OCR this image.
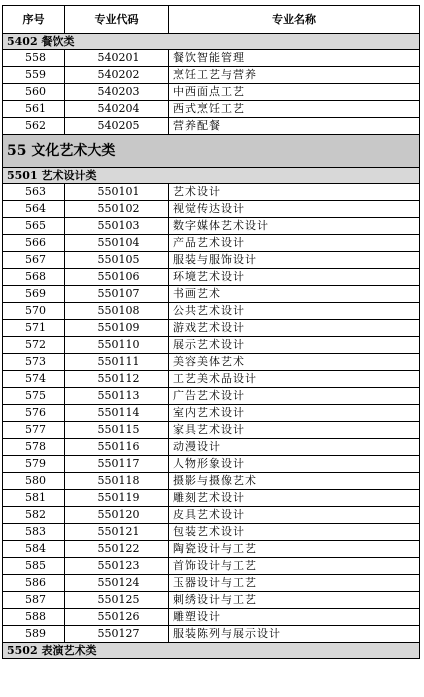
序号	专业代码	专业名称
5402 餐饮类		
558	540201	餐饮智能管理
559	540202	烹饪工艺与营养
560	540203	中西面点工艺
561	540204	西式烹饪工艺
562	540205	营养配餐
55 文化艺术大类		
5501 艺术设计类		
563	550101	艺术设计
564	550102	视觉传达设计
565	550103	数字媒体艺术设计
566	550104	产品艺术设计
567	550105	服装与服饰设计
568	550106	环境艺术设计
569	550107	书画艺术
570	550108	公共艺术设计
571	550109	游戏艺术设计
572	550110	展示艺术设计
573	550111	美容美体艺术
574	550112	工艺美术品设计
575	550113	广告艺术设计
576	550114	室内艺术设计
577	550115	家具艺术设计
578	550116	动漫设计
579	550117	人物形象设计
580	550118	摄影与摄像艺术
581	550119	雕刻艺术设计
582	550120	皮具艺术设计
583	550121	包装艺术设计
584	550122	陶瓷设计与工艺
585	550123	首饰设计与工艺
586	550124	玉器设计与工艺
587	550125	刺绣设计与工艺
588	550126	雕塑设计
589	550127	服装陈列与展示设计
5502 表演艺术类		
